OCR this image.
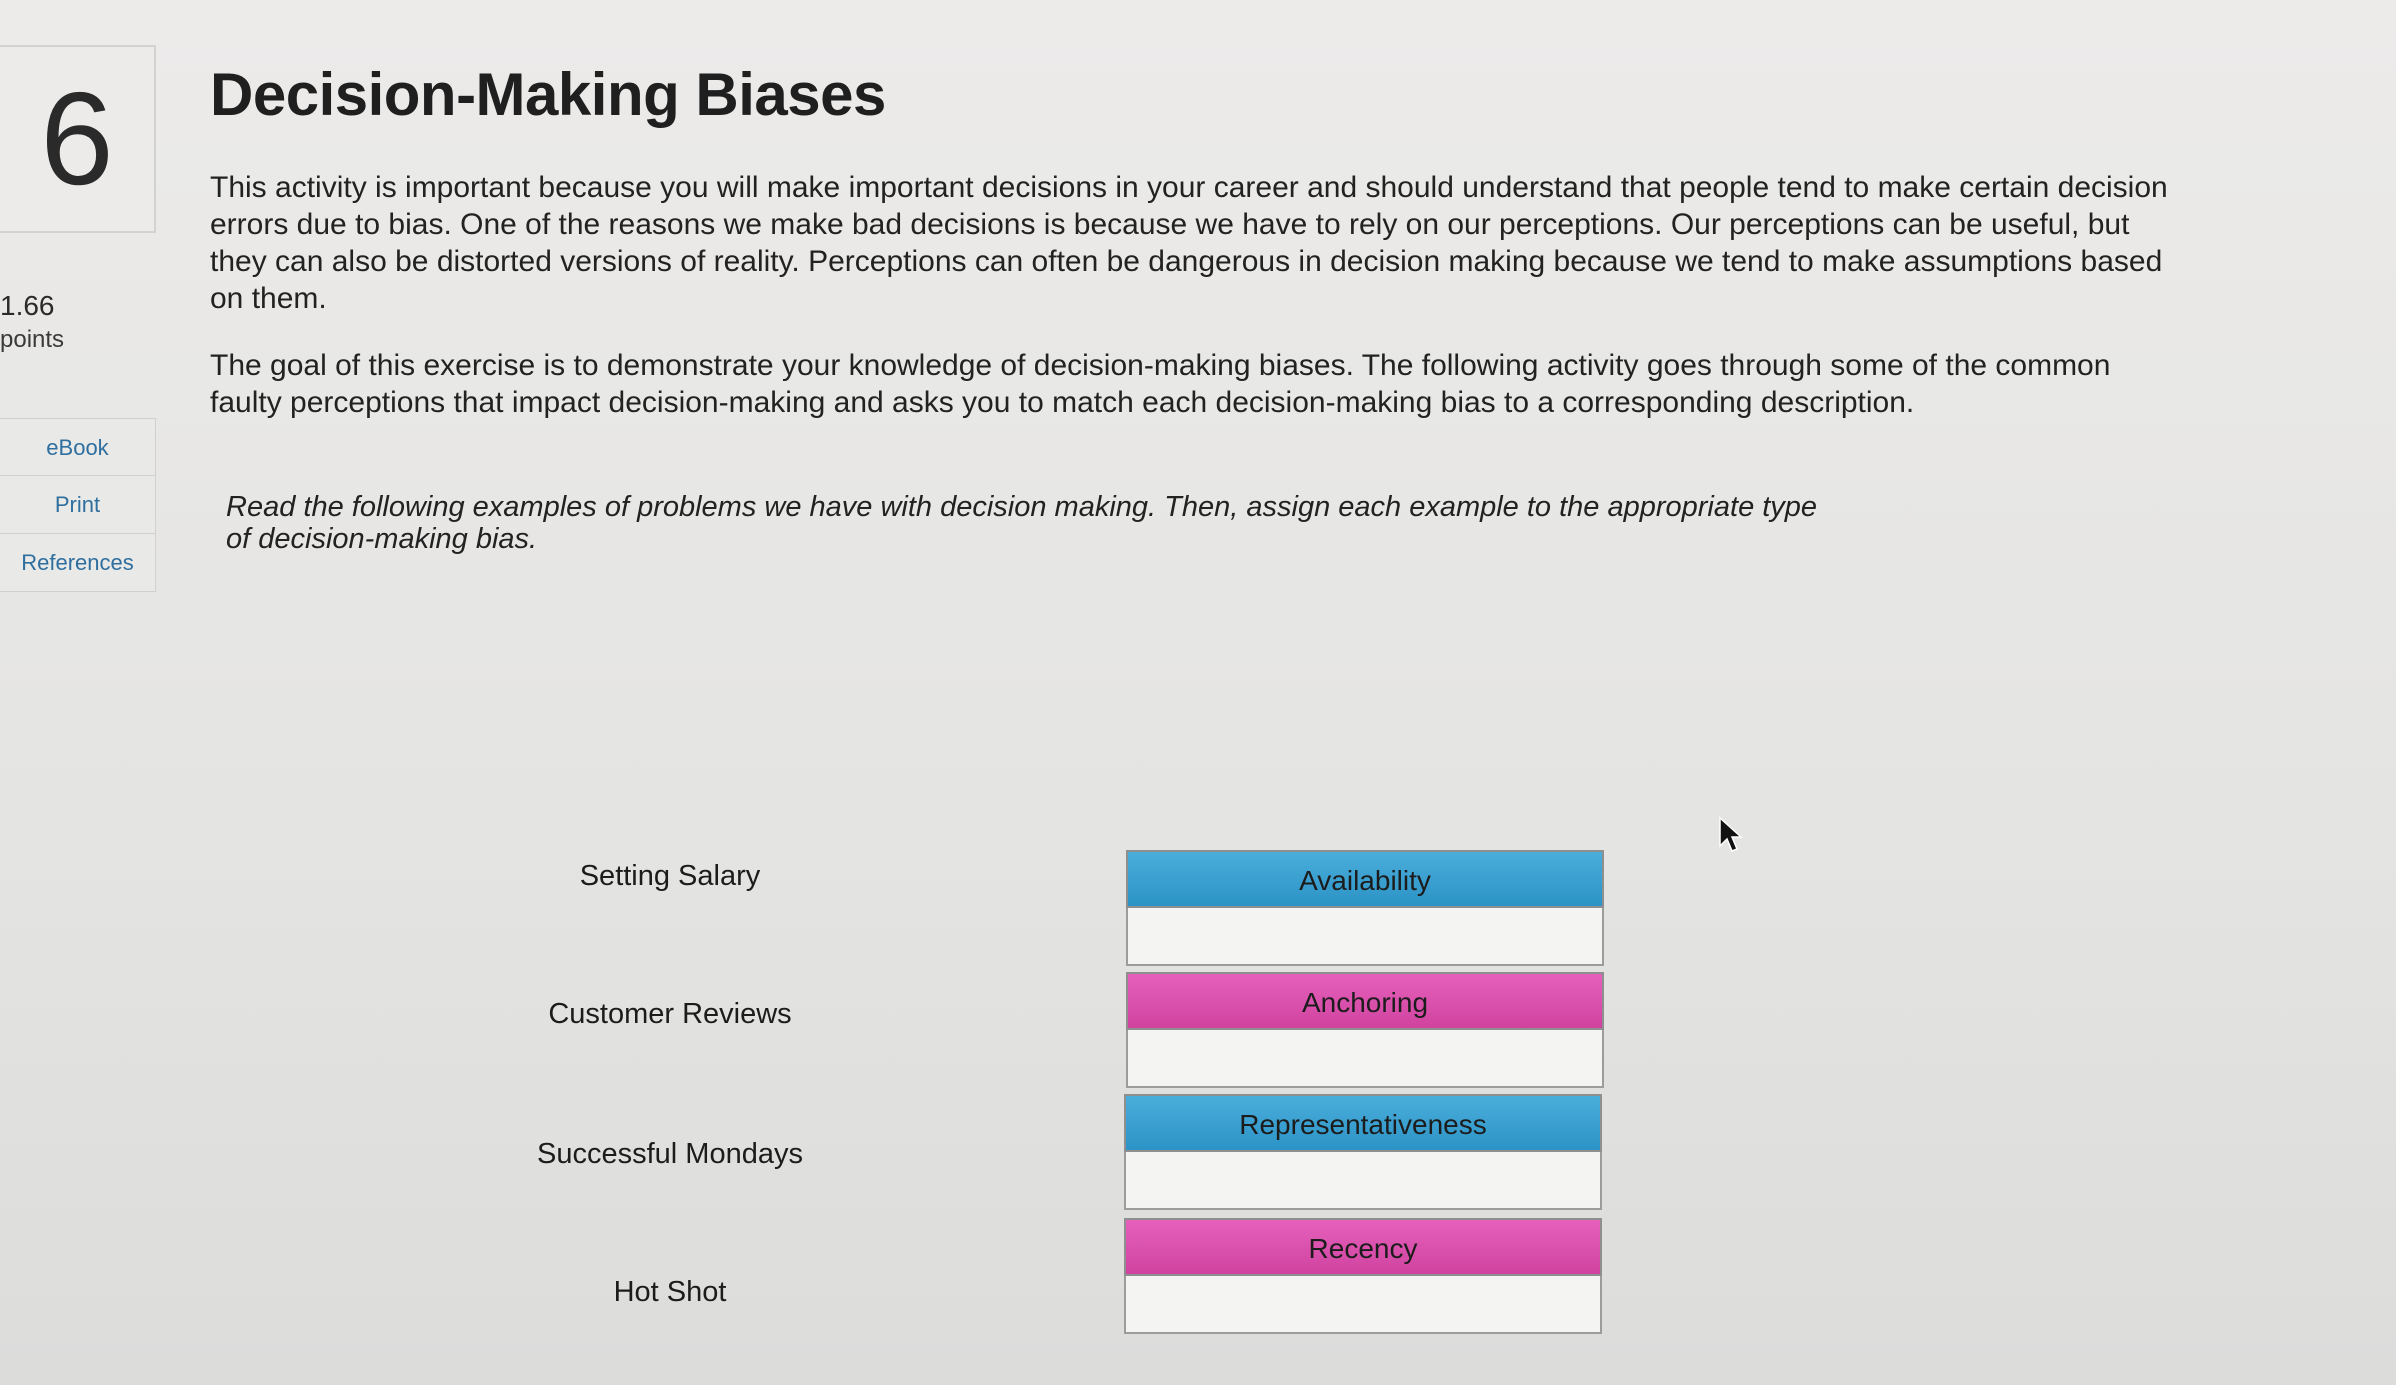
6
1.66
points
eBook
Print
References
Decision-Making Biases

This activity is important because you will make important decisions in your career and should understand that people tend to make certain decision errors due to bias. One of the reasons we make bad decisions is because we have to rely on our perceptions. Our perceptions can be useful, but they can also be distorted versions of reality. Perceptions can often be dangerous in decision making because we tend to make assumptions based on them.

The goal of this exercise is to demonstrate your knowledge of decision-making biases. The following activity goes through some of the common faulty perceptions that impact decision-making and asks you to match each decision-making bias to a corresponding description.

Read the following examples of problems we have with decision making. Then, assign each example to the appropriate type of decision-making bias.

Setting Salary
Customer Reviews
Successful Mondays
Hot Shot
Availability
Anchoring
Representativeness
Recency
